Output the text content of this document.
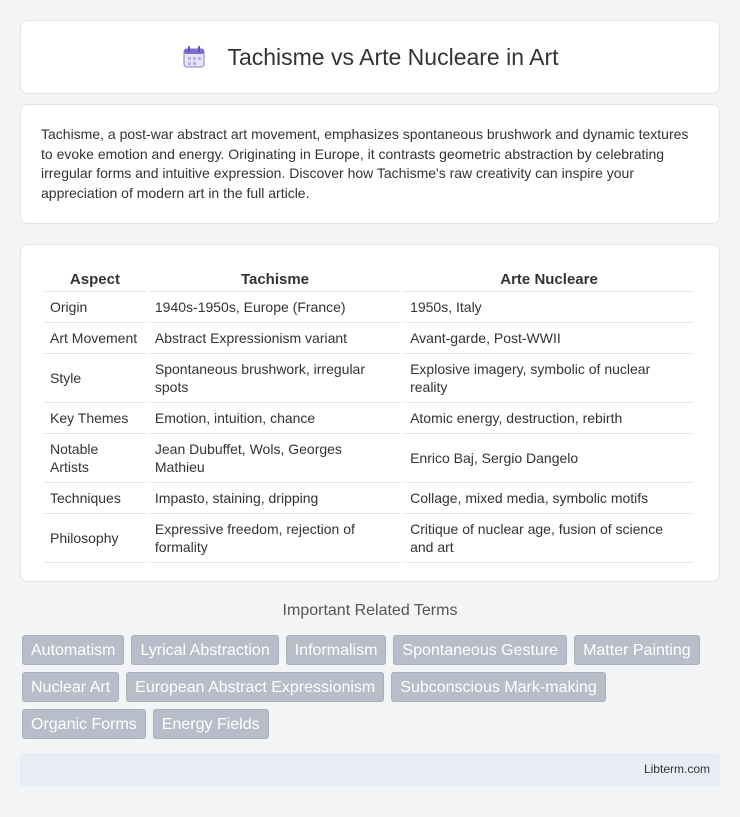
Tachisme vs Arte Nucleare in Art

Tachisme, a post-war abstract art movement, emphasizes spontaneous brushwork and dynamic textures to evoke emotion and energy. Originating in Europe, it contrasts geometric abstraction by celebrating irregular forms and intuitive expression. Discover how Tachisme's raw creativity can inspire your appreciation of modern art in the full article.

Aspect	Tachisme	Arte Nucleare
Origin	1940s-1950s, Europe (France)	1950s, Italy
Art Movement	Abstract Expressionism variant	Avant-garde, Post-WWII
Style	Spontaneous brushwork, irregular spots	Explosive imagery, symbolic of nuclear reality
Key Themes	Emotion, intuition, chance	Atomic energy, destruction, rebirth
Notable Artists	Jean Dubuffet, Wols, Georges Mathieu	Enrico Baj, Sergio Dangelo
Techniques	Impasto, staining, dripping	Collage, mixed media, symbolic motifs
Philosophy	Expressive freedom, rejection of formality	Critique of nuclear age, fusion of science and art
Important Related Terms
Automatism	Lyrical Abstraction	Informalism	Spontaneous Gesture	Matter Painting
Nuclear Art	European Abstract Expressionism	Subconscious Mark-making
Organic Forms	Energy Fields
Libterm.com
